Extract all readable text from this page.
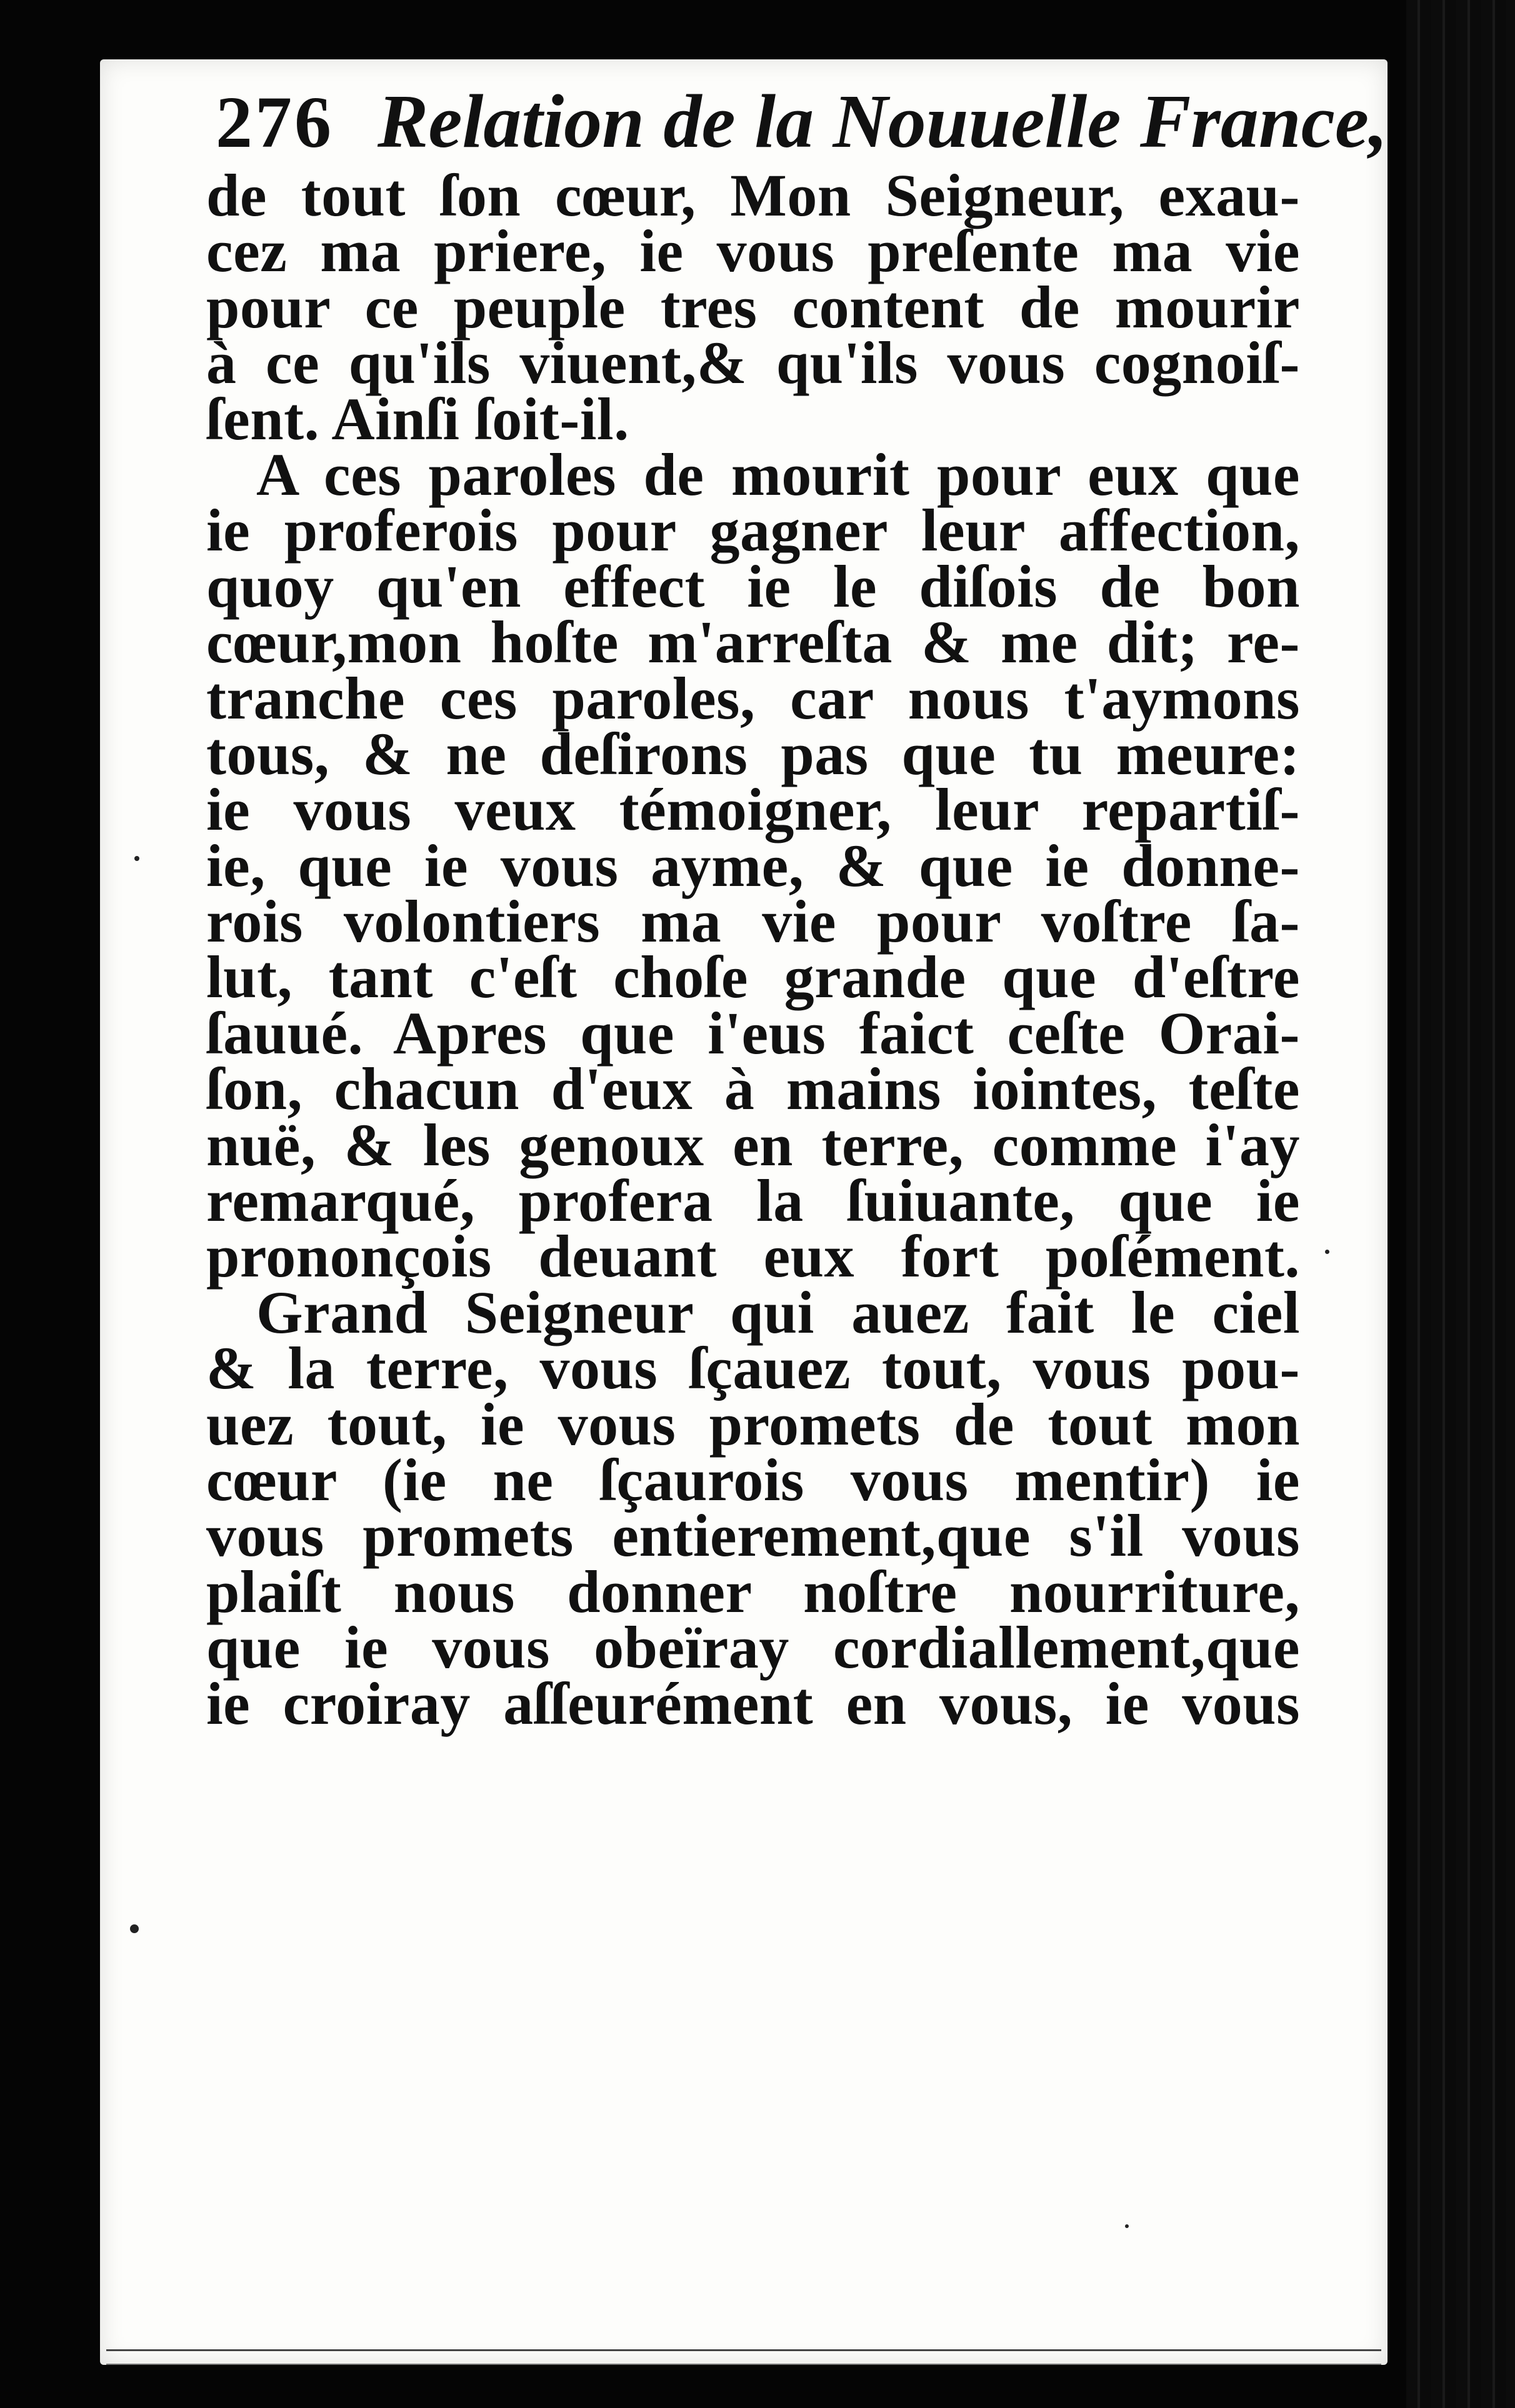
276 Relation de la Nouuelle France,
de tout ſon cœur, Mon Seigneur, exau-
cez ma priere, ie vous preſente ma vie
pour ce peuple tres content de mourir
à ce qu'ils viuent,& qu'ils vous cognoiſ-
ſent. Ainſi ſoit-il.
A ces paroles de mourit pour eux que
ie proferois pour gagner leur affection,
quoy qu'en effect ie le diſois de bon
cœur,mon hoſte m'arreſta & me dit; re-
tranche ces paroles, car nous t'aymons
tous, & ne deſirons pas que tu meure:
ie vous veux témoigner, leur repartiſ-
ie, que ie vous ayme, & que ie donne-
rois volontiers ma vie pour voſtre ſa-
lut, tant c'eſt choſe grande que d'eſtre
ſauué. Apres que i'eus faict ceſte Orai-
ſon, chacun d'eux à mains iointes, teſte
nuë, & les genoux en terre, comme i'ay
remarqué, profera la ſuiuante, que ie
prononçois deuant eux fort poſément.
Grand Seigneur qui auez fait le ciel
& la terre, vous ſçauez tout, vous pou-
uez tout, ie vous promets de tout mon
cœur (ie ne ſçaurois vous mentir) ie
vous promets entierement,que s'il vous
plaiſt nous donner noſtre nourriture,
que ie vous obeïray cordiallement,que
ie croiray aſſeurément en vous, ie vous
